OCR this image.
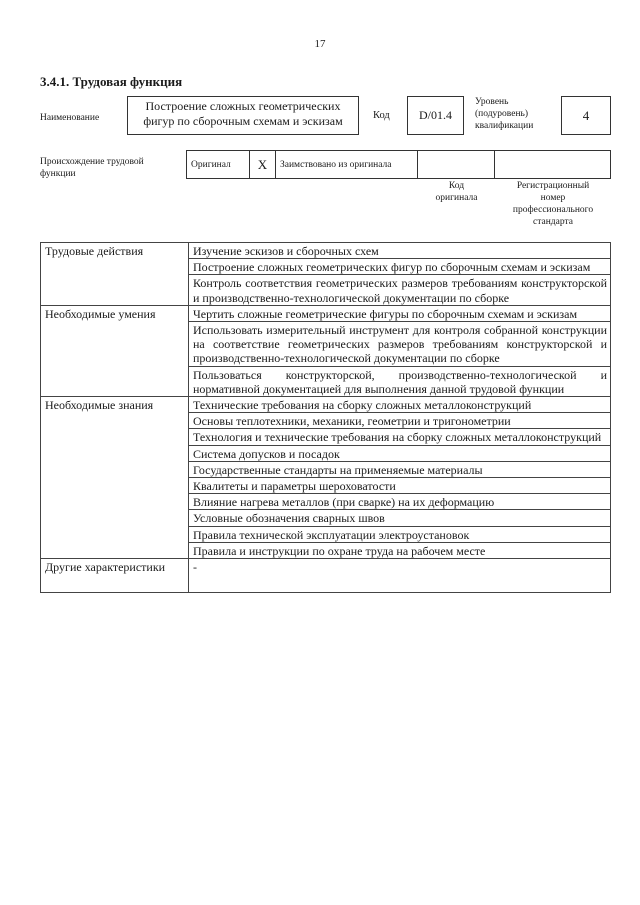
17
3.4.1. Трудовая функция
Наименование
Построение сложных геометрических фигур по сборочным схемам и эскизам	Код	D/01.4
Уровень
(подуровень)
квалификации
4
Происхождение трудовой
функции
Оригинал	X	Заимствовано из оригинала
Код
оригинала
Регистрационный
номер
профессионального
стандарта
Трудовые действия	Изучение эскизов и сборочных схем
	Построение сложных геометрических фигур по сборочным схемам и эскизам
	Контроль соответствия геометрических размеров требованиям конструкторской и производственно-технологической документации по сборке
Необходимые умения	Чертить сложные геометрические фигуры по сборочным схемам и эскизам
	Использовать измерительный инструмент для контроля собранной конструкции на соответствие геометрических размеров требованиям конструкторской и производственно-технологической документации по сборке
	Пользоваться конструкторской, производственно-технологической и нормативной документацией для выполнения данной трудовой функции
Необходимые знания	Технические требования на сборку сложных металлоконструкций
	Основы теплотехники, механики, геометрии и тригонометрии
	Технология и технические требования на сборку сложных металлоконструкций
	Система допусков и посадок
	Государственные стандарты на применяемые материалы
	Квалитеты и параметры шероховатости
	Влияние нагрева металлов (при сварке) на их деформацию
	Условные обозначения сварных швов
	Правила технической эксплуатации электроустановок
	Правила и инструкции по охране труда на рабочем месте
Другие характеристики	-
